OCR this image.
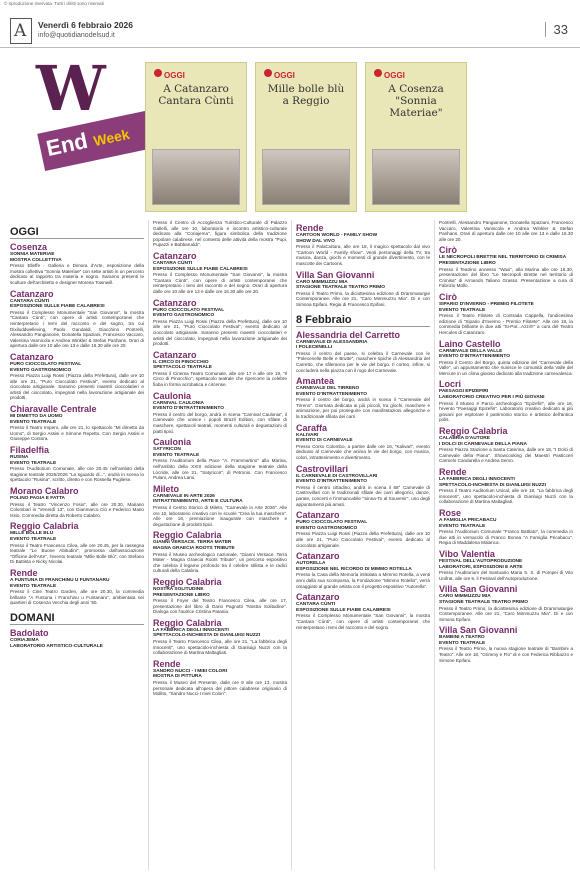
© riproduzione riservata. Tutti i diritti sono riservati
A Venerdì 6 febbraio 2026
info@quotidianodelsud.it	33
W
End Week
OGGI
A Catanzaro Cantara Cùnti
OGGI
Mille bolle blù a Reggio
OGGI
A Cosenza "Sonnia Materiae"
OGGI
Cosenza
SONNIA MATERIAE
MOSTRA COLLETTIVA

Presso Elleffe - Galleria e Dimora d'Arte, esposizione della mostra collettiva "Sonnia Materiae" con sette artisti in un percorso dedicato al rapporto tra materia e sogno. Saranno presenti le sculture dell'architetto e designer Morena Townwill.

Catanzaro
CANTARA CÙNTI
ESPOSIZIONE SULLE FIABE CALABRESI

Presso il Complesso Monumentale "San Giovanni", la mostra "Cantara Cùnti", con opere di artisti contemporanei che reinterpretano i temi del racconto e del sogno, tra cui Dixiluddwelleving, Paolo Gandaldi, Giacchino Pontrelli, Alessandro Pangianone, Donatella Spaziani, Francesco Vaccaro, Valentina Vannicola e Andrea Winkler & Stefan Panhans. Orari di apertura dalle ore 10 alle ore 13 e dalle 16.30 alle ore 20.

Catanzaro
PURO CIOCCOLATO FESTIVAL
EVENTO GASTRONOMICO

Presso Piazza Luigi Rossi (Piazza della Prefettura), dalle ore 10 alle ore 21, "Puro Cioccolato Festival", evento dedicato al cioccolato artigianale. Saranno presenti maestri cioccolatieri e artisti del cioccolato, impegnati nella lavorazione artigianale dei prodotti.

Chiaravalle Centrale
MI DIMETTO DA UOMO
EVENTO TEATRALE

Presso il Teatro Impero, alle ore 21, lo spettacolo "Mi dimetto da Uomo", di Sergio Assisi e Simone Repetto. Con Sergio Assisi e Giuseppe Contora.

Filadelfia
RUSINA
EVENTO TEATRALE

Presso l'Auditorium Comunale, alle ore 20.45 nell'ambito della stagione teatrale 2025/2026 "La sguardo di...", andrà in scena lo spettacolo "Rusina", scritto, diretto e con Rossella Pugliese.

Morano Calabro
POLINO PAGIA E FATTA

Presso il Teatro "Vincenzo Fosio", alle ore 20.30, Mariano Colombari in "Venerdì 13", con Gianmarco Ciò e Federico Mario Issio. Commedia diretta da Roberto Calabro.

Reggio Calabria
MILLE BOLLE BLU
EVENTO TEATRALE

Presso il Teatro Francesco Cilea, alle ore 20.45, per la rassegna teatrale "Le Buone Abitudini", promossa dall'associazione "Officine dell'Arte", l'evento teatrale "Mille Bolle Blù", con Stefano Di Battista e Nicky Nicolai.

Rende
A FUNTUNA DI FRANCHINU U FUNTANARU
EVENTO TEATRALE

Presso il Cine Teatro Garden, alle ore 20.30, la commedia brillante "A Funtuna i Franchinu u Funtanaru", ambientata nei quartieri di Cosenza Vecchia degli anni '50.

DOMANI
Badolato
CORIAJEMA
LABORATORIO ARTISTICO-CULTURALE

Presso il Centro di Accoglienza Turistico-Culturale di Palazzo Gallelli, alle ore 10, laboratorio e incontro artistico-culturale dedicato alla "Coriajema", figura simbolica della tradizione popolare calabrese, nel contesto delle attività della mostra "Pupi, Pupazzi e Babbaruddi".

Catanzaro
CANTARA CÙNTI
ESPOSIZIONE SULLE FIABE CALABRESI

Presso il Complesso Monumentale "San Giovanni", la mostra "Cantara Cùnti", con opere di artisti contemporanei che reinterpretano i temi del racconto e del sogno. Orari di apertura dalle ore 10 alle ore 13 e dalle ore 16.30 alle ore 20.

Catanzaro
PURO CIOCCOLATO FESTIVAL
EVENTO GASTRONOMICO

Presso Piazza Luigi Rossi (Piazza della Prefettura), dalle ore 10 alle ore 21, "Puro Cioccolato Festival", evento dedicato al cioccolato artigianale. Saranno presenti maestri cioccolatieri e artisti del cioccolato, impegnati nella lavorazione artigianale dei prodotti.

Catanzaro
IL CIRCO DI PINOCCHIO
SPETTACOLO TEATRALE

Presso il Cinema Teatro Comunale, alle ore 17 e alle ore 19, "Il Circo di Pinocchio", spettacolo teatrale che ripercorre la celebre fiaba in forma acrobatica e circense.

Caulonia
CARNIVAL CAULONIA
EVENTO D'INTRATTENIMENTO

Presso il centro del borgo, andrà in scena "Carnival Caulonia", il Carnevale che unisce i popoli Brazil Edition, con sfilate di maschere, spettacoli teatrali, momenti culturali e degustazioni di piatti tipici.

Caulonia
SATYRICON
EVENTO TEATRALE

Presso l'Auditorium della Pace "A. Frammartino" alla Marina, nell'ambito della XXIII edizione della stagione teatrale della Locride, alle ore 21, "Satyricon", di Petronio. Con Francesco Pulani, Andrea Lami.

Mileto
CARNEVALE IN ARTE 2026
INTRATTENIMENTO, ARTE E CULTURA

Presso il Centro Storico di Mileto, "Carnevale in Arte 2026". Alle ore 10, laboratorio creativo con le scuole "Crea la tua maschera". Alle ore 16, premiazione inaugurale con maschere e degustazione di prodotti tipici.

Reggio Calabria
GIANNI VERSACE. TERRA MATER
MAGNA GRAECIA ROOTS TRIBUTE

Presso il Museo archeologico nazionale, "Gianni Versace. Terra Mater - Magna Graecia Roots Tribute", un percorso espositivo che celebra il legame profondo tra il celebre stilista e le radici culturali della Calabria.

Reggio Calabria
NOSTRA SOLITUDINE
PRESENTAZIONE LIBRO

Presso il Foyer del Teatro Francesco Cilea, alle ore 17, presentazione del libro di Dario Pagnotti "Nostra Solitudine". Dialoga con l'autrice Cristina Patania.

Reggio Calabria
LA FABBRICA DEGLI INNOCENTI
SPETTACOLO-INCHIESTA DI GIANLUIGI NUZZI

Presso il Teatro Francesco Cilea, alle ore 21, "La fabbrica degli innocenti", uno spettacolo-inchiesta di Gianluigi Nuzzi con la collaborazione di Martina Maltagliati.

Rende
SANDRO NUCCI - I MIEI COLORI
MOSTRA DI PITTURA

Presso il Museo del Presente, dalle ore 9 alle ore 13, mostra personale dedicata all'opera del pittore calabrese originario di Mollito, "Sandro Nucci-I miei Colori".

Rende
CARTOON WORLD - FAMILY SHOW
SHOW DAL VIVO

Presso il PalaCultura, alle ore 18, il magico spettacolo dal vivo "Cartoon World - Family show". Venti personaggi della TV, tra musica, danza, giochi e momenti di grande divertimento, con le mascotte dei Cartoons.

Villa San Giovanni
CARO MIMMUZZU MIA
STAGIONE TEATRALE TEATRO PRIMO

Presso il Teatro Primo, la diciottesima edizione di Drammaturgie Contemporanee. Alle ore 21, "Caro Mimmuzzu Mia". Di e con Simona Epifani. Regia di Francesco Epifani.

8 Febbraio
Alessandria del Carretto
CARNEVALE DI ALESSANDRIA
I POLECENELLI

Presso il centro del paese, si celebra il Carnevale con le "Polecenelle Belle e Brutte", maschere tipiche di Alessandria del Carretto, che sfileranno per le vie del borgo. Il corteo, infine, si concluderà nella piazza con il rogo del Carnevale.

Amantea
CARNEVALE DEL TIRRENO
EVENTO D'INTRATTENIMENTO

Presso il centro del borgo, andrà in scena il "Carnevale del Tirreno". Giornata dedicata ai più piccoli, tra giochi, maschere e animazione, per poi proseguire con manifestazioni allegoriche e la tradizionale sfilata dei carri.

Caraffa
KALIVARI
EVENTO DI CARNEVALE

Presso Corso Colombo, a partire dalle ore 16, "Kalivari", evento dedicato al Carnevale che anima le vie del borgo, con musica, colori, intrattenimento e divertimento.

Castrovillari
IL CARNEVALE DI CASTROVILLARI
EVENTO D'INTRATTENIMENTO

Presso il centro cittadino, andrà in scena il 68° Carnevale di Castrovillari con le tradizionali sfilate dei carri allegorici, danze, parate, concerti e l'immancabile "Sinna-To al Souvenir", uno degli appuntamenti più amati.

Catanzaro
PURO CIOCCOLATO FESTIVAL
EVENTO GASTRONOMICO

Presso Piazza Luigi Rossi (Piazza della Prefettura), dalle ore 10 alle ore 21, "Puro Cioccolato Festival", evento dedicato al cioccolato artigianale.

Catanzaro
AUTORELLA
ESPOSIZIONE NEL RICORDO DI MIMMO ROTELLA

Presso la Casa della Memoria intitolata a Mimmo Rotella, a venti anni dalla sua scomparsa, la Fondazione "Mimmo Rotella", verrà omaggiato al grande artista con il progetto espositivo "Autorella".

Catanzaro
CANTARA CÙNTI
ESPOSIZIONE SULLE FIABE CALABRESI

Presso il Complesso Monumentale "San Giovanni", la mostra "Cantara Cùnti", con opere di artisti contemporanei che reinterpretano i temi del racconto e del sogno.

Pontrelli, Alessandro Pangianone, Donatella Spaziani, Francesco Vaccaro, Valentina Vannicola e Andrea Winkler & Stefan Panhans. Orari di apertura dalle ore 10 alle ore 13 e dalle 16.30 alle ore 20.

Cirò
LE NECROPOLI BRETTIE NEL TERRITORIO DI CRIMISA
PRESENTAZIONE LIBRO

Presso il Teatrino annesso "Waxi", alla Marina alle ore 16.30, presentazione del libro "Le Necropoli Brettie nel territorio di Crimisa" di Armando Taliano Grasso. Presentazione a cura di Fabrizio Mollo.

Cirò
SIPARIO D'INVERNO - PREMIO FILOTETE
EVENTO TEATRALE

Presso il Teatro Filotete di Contrada Cappella, l'undicesima edizione di "Sipario d'Inverno - Premio Filotete". Alle ore 18, la commedia brillante in due atti "Si-Par...Azzi!!!" a cura del Teatro Hercules di Catanzaro.

Laino Castello
CARNEVALE DELLA VALLE
EVENTO D'INTRATTENIMENTO

Presso il Centro del Borgo, quinta edizione del "Carnevale della Valle", un appuntamento che riunisce le comunità della Valle del Mercure in un clima gioioso dedicato alla tradizione carnevalesca.

Locri
PAESAGGI EPIZEFIRI
LABORATORIO CREATIVO PER I PIÙ GIOVANI

Presso il Museo e Parco archeologico "Epizefiri", alle ore 16, l'evento "Paesaggi Epizefiri". Laboratorio creativo dedicato ai più giovani per esplorare il patrimonio storico e artistico dell'antica polis.

Reggio Calabria
CALABRIA D'AUTORE
I DOLCI DI CARNEVALE DELLA PIANA

Presso Piazza Stazione a Santa Caterina, dalle ore 18, "I Dolci di Carnevale della Piana". Showcooking dei Maestri Pasticceri Carmelo Candarella e Andrea Servo.

Rende
LA FABBRICA DEGLI INNOCENTI
SPETTACOLO-INCHIESTA DI GIANLUIGI NUZZI

Presso il Teatro Auditorium Unical, alle ore 18, "La fabbrica degli innocenti", uno spettacolo-inchiesta di Gianluigi Nuzzi con la collaborazione di Martina Maltagliati.

Rose
A FAMIGLIA PRICABACU
EVENTO TEATRALE

Presso l'Auditorium Comunale "Franco Battiato", la commedia in due atti in vernacolo di Franco Bonea "A Famiglia Pricabacu". Regia di Maddalena Malanca.

Vibo Valentia
FESTIVAL DELL'AUTOPRODUZIONE
LABORATORI, ESPOSIZIONI E ARTE

Presso l'Auditorium del Santuario Maria S. S. di Pompei di Vito Unifrat, alle ore 9, il Festival dell'Autoproduzione.

Villa San Giovanni
CARO MIMMUZZU MIA
STAGIONE TEATRALE TEATRO PRIMO

Presso il Teatro Primo, la diciottesima edizione di Drammaturgie Contemporanee. Alle ore 21, "Caro Mimmuzzu Mia". Di e con Simona Epifani.

Villa San Giovanni
BAMBINI A TEATRO
EVENTO TEATRALE

Presso il Teatro Primo, la nuova stagione teatrale di "Bambini a Teatro". Alle ore 18, "Grimmy e Flo" di e con Federica Ribbazzo e Simone Epifani.
